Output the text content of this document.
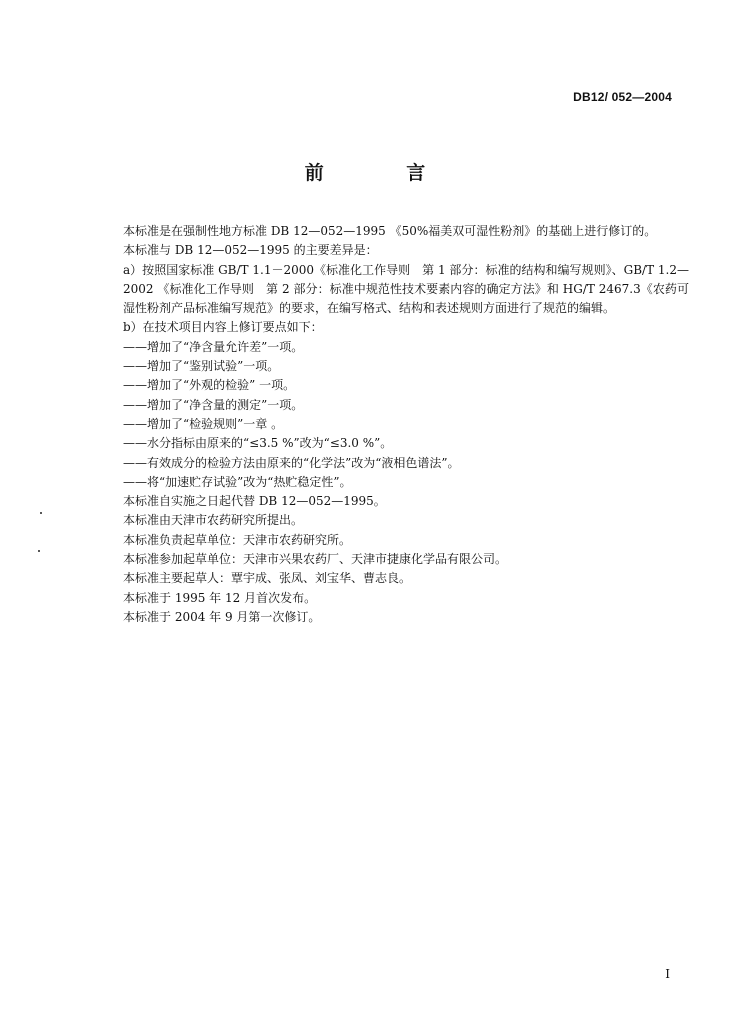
DB12/ 052—2004
前 言

本标准是在强制性地方标准 DB 12—052—1995 《50%福美双可湿性粉剂》的基础上进行修订的。

本标准与 DB 12—052—1995 的主要差异是：

a）按照国家标准 GB/T 1.1－2000《标准化工作导则　第 1 部分：标准的结构和编写规则》、GB/T 1.2—2002 《标准化工作导则　第 2 部分：标准中规范性技术要素内容的确定方法》和 HG/T 2467.3《农药可湿性粉剂产品标准编写规范》的要求，在编写格式、结构和表述规则方面进行了规范的编辑。

b）在技术项目内容上修订要点如下：

——增加了“净含量允许差”一项。

——增加了“鉴别试验”一项。

——增加了“外观的检验” 一项。

——增加了“净含量的测定”一项。

——增加了“检验规则”一章 。

——水分指标由原来的“≤3.5 %”改为“≤3.0 %”。

——有效成分的检验方法由原来的“化学法”改为“液相色谱法”。

——将“加速贮存试验”改为“热贮稳定性”。

本标准自实施之日起代替 DB 12—052—1995。

本标准由天津市农药研究所提出。

本标准负责起草单位：天津市农药研究所。

本标准参加起草单位：天津市兴果农药厂、天津市捷康化学品有限公司。

本标准主要起草人：覃宇成、张凤、刘宝华、曹志良。

本标准于 1995 年 12 月首次发布。

本标准于 2004 年 9 月第一次修订。

I
